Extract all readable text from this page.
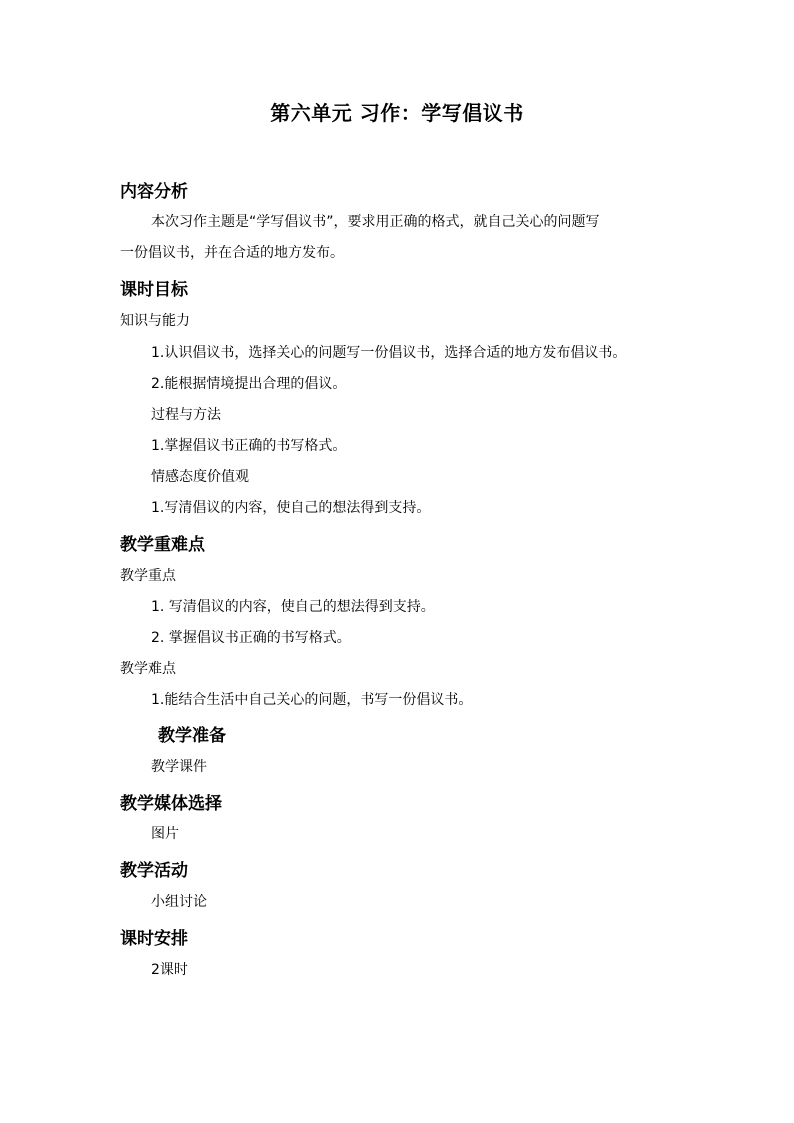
第六单元 习作：学写倡议书
内容分析
本次习作主题是“学写倡议书”，要求用正确的格式，就自己关心的问题写
一份倡议书，并在合适的地方发布。
课时目标
知识与能力
1.认识倡议书，选择关心的问题写一份倡议书，选择合适的地方发布倡议书。
2.能根据情境提出合理的倡议。
过程与方法
1.掌握倡议书正确的书写格式。
情感态度价值观
1.写清倡议的内容，使自己的想法得到支持。
教学重难点
教学重点
1. 写清倡议的内容，使自己的想法得到支持。
2. 掌握倡议书正确的书写格式。
教学难点
1.能结合生活中自己关心的问题，书写一份倡议书。
教学准备
教学课件
教学媒体选择
图片
教学活动
小组讨论
课时安排
2课时
